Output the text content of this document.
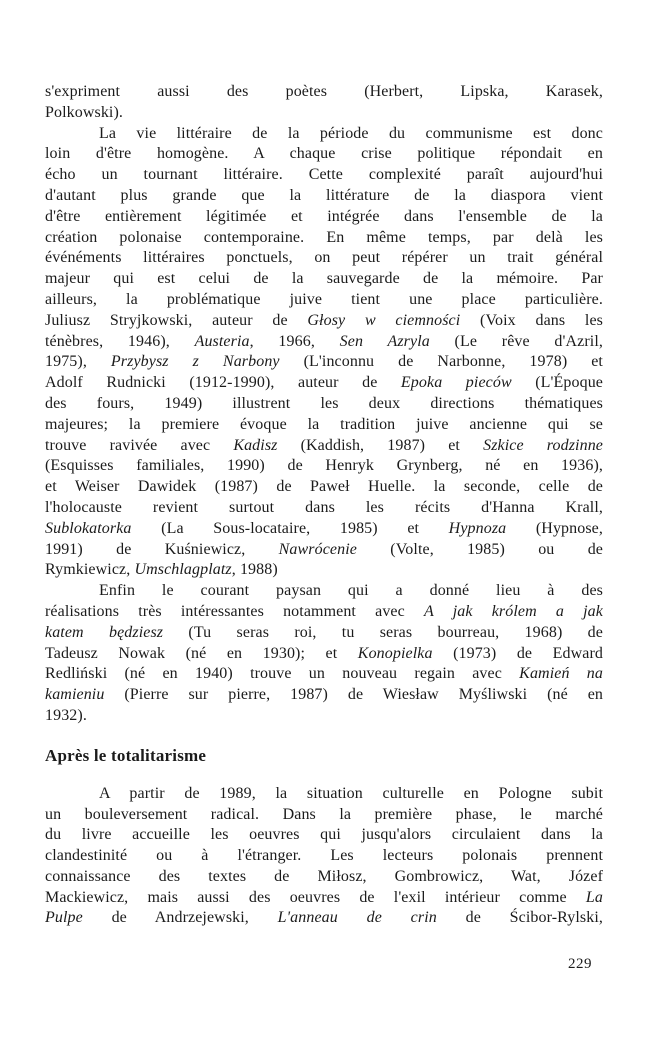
s'expriment aussi des poètes (Herbert, Lipska, Karasek,
Polkowski).
La vie littéraire de la période du communisme est donc
loin d'être homogène. A chaque crise politique répondait en
écho un tournant littéraire. Cette complexité paraît aujourd'hui
d'autant plus grande que la littérature de la diaspora vient
d'être entièrement légitimée et intégrée dans l'ensemble de la
création polonaise contemporaine. En même temps, par delà les
événéments littéraires ponctuels, on peut répérer un trait général
majeur qui est celui de la sauvegarde de la mémoire. Par
ailleurs, la problématique juive tient une place particulière.
Juliusz Stryjkowski, auteur de Głosy w ciemności (Voix dans les
ténèbres, 1946), Austeria, 1966, Sen Azryla (Le rêve d'Azril,
1975), Przybysz z Narbony (L'inconnu de Narbonne, 1978) et
Adolf Rudnicki (1912-1990), auteur de Epoka pieców (L'Époque
des fours, 1949) illustrent les deux directions thématiques
majeures; la premiere évoque la tradition juive ancienne qui se
trouve ravivée avec Kadisz (Kaddish, 1987) et Szkice rodzinne
(Esquisses familiales, 1990) de Henryk Grynberg, né en 1936),
et Weiser Dawidek (1987) de Paweł Huelle. la seconde, celle de
l'holocauste revient surtout dans les récits d'Hanna Krall,
Sublokatorka (La Sous-locataire, 1985) et Hypnoza (Hypnose,
1991) de Kuśniewicz, Nawrócenie (Volte, 1985) ou de
Rymkiewicz, Umschlagplatz, 1988)
Enfin le courant paysan qui a donné lieu à des
réalisations très intéressantes notamment avec A jak królem a jak
katem będziesz (Tu seras roi, tu seras bourreau, 1968) de
Tadeusz Nowak (né en 1930); et Konopielka (1973) de Edward
Redliński (né en 1940) trouve un nouveau regain avec Kamień na
kamieniu (Pierre sur pierre, 1987) de Wiesław Myśliwski (né en
1932).
Après le totalitarisme
A partir de 1989, la situation culturelle en Pologne subit
un bouleversement radical. Dans la première phase, le marché
du livre accueille les oeuvres qui jusqu'alors circulaient dans la
clandestinité ou à l'étranger. Les lecteurs polonais prennent
connaissance des textes de Miłosz, Gombrowicz, Wat, Józef
Mackiewicz, mais aussi des oeuvres de l'exil intérieur comme La
Pulpe de Andrzejewski, L'anneau de crin de Ścibor-Rylski,
229
